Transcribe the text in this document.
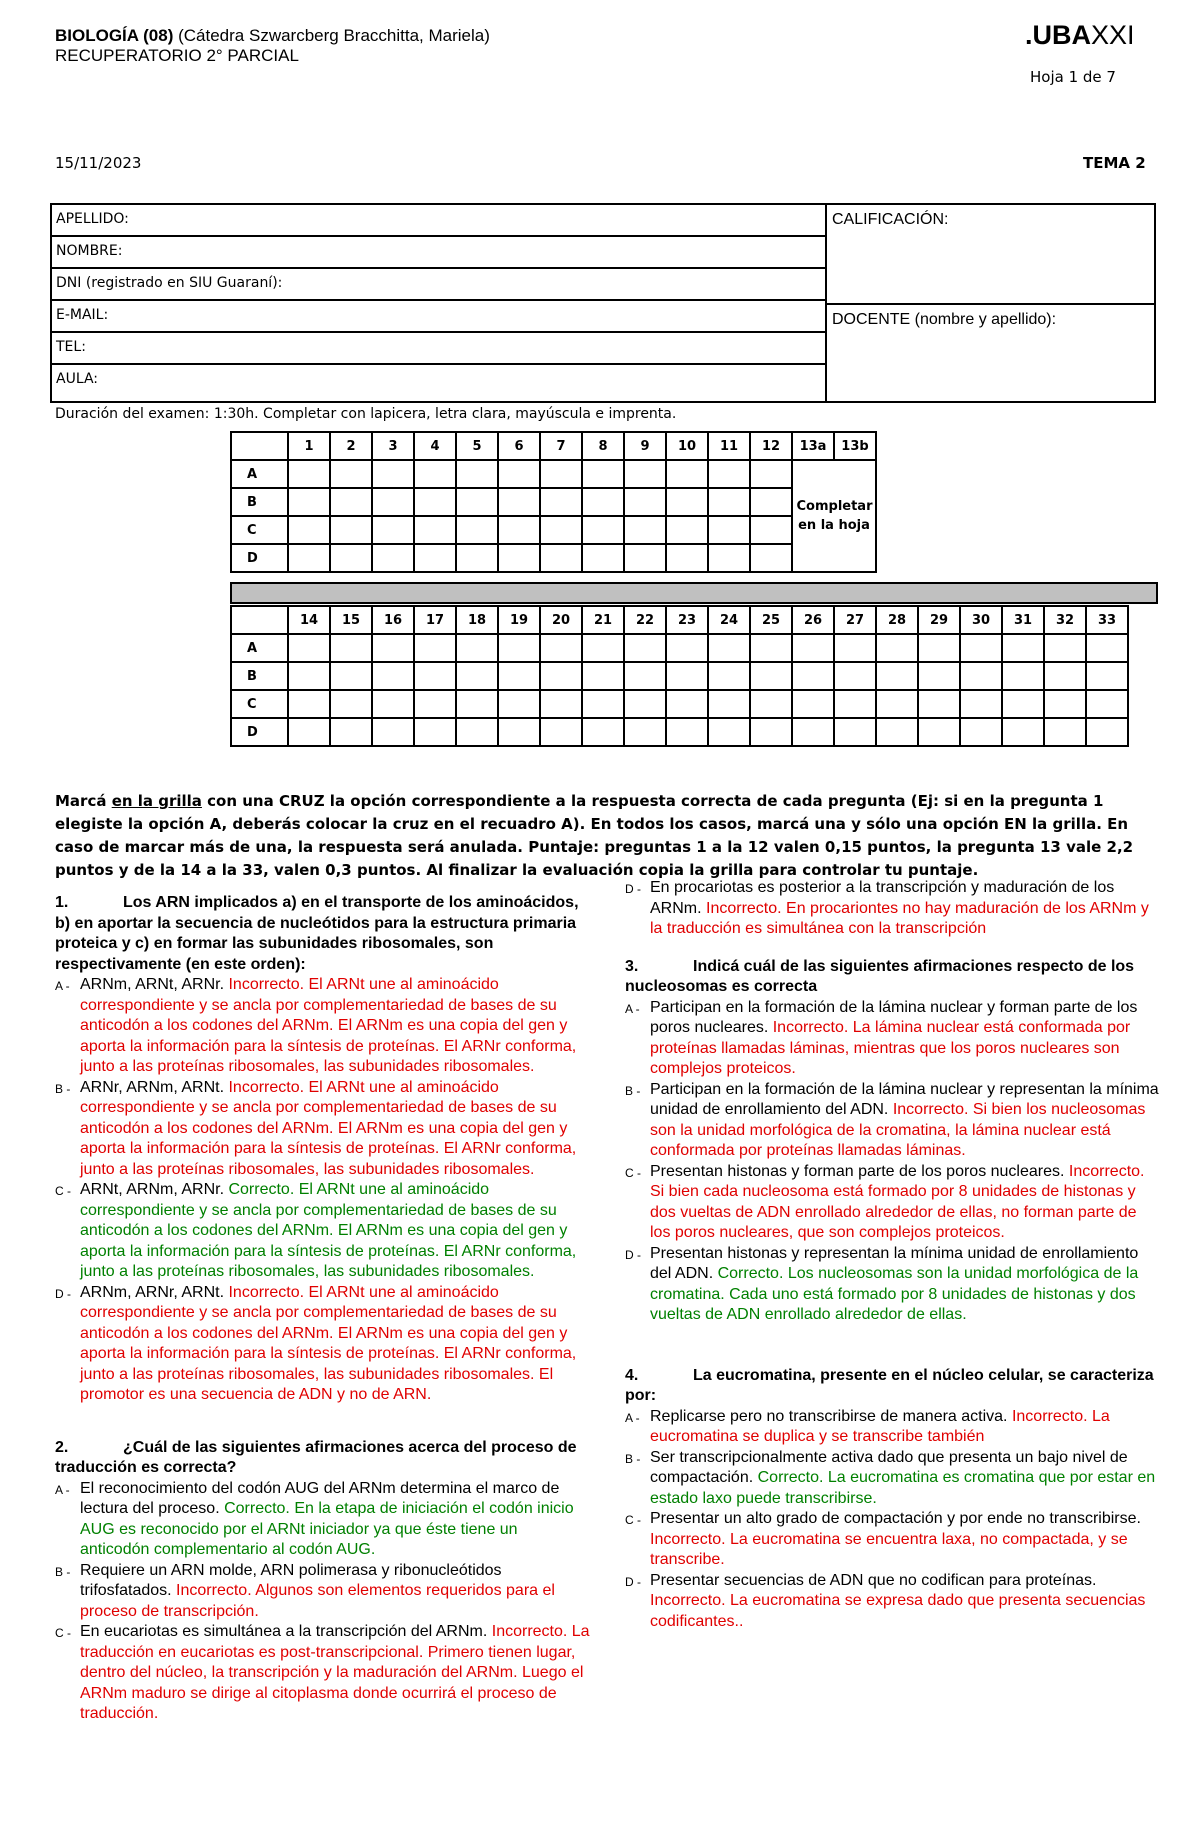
BIOLOGÍA (08) (Cátedra Szwarcberg Bracchitta, Mariela)
RECUPERATORIO 2° PARCIAL
.UBAXXI
Hoja 1 de 7
15/11/2023	TEMA 2
APELLIDO:
NOMBRE:
DNI (registrado en SIU Guaraní):
E-MAIL:
TEL:
AULA:
CALIFICACIÓN:
DOCENTE (nombre y apellido):
Duración del examen: 1:30h. Completar con lapicera, letra clara, mayúscula e imprenta.
	1	2	3	4	5	6	7	8	9	10	11	12	13a	13b
A													Completar en la hoja	
B														
C														
D														
	14	15	16	17	18	19	20	21	22	23	24	25	26	27	28	29	30	31	32	33
A																				
B																				
C																				
D																				
Marcá en la grilla con una CRUZ la opción correspondiente a la respuesta correcta de cada pregunta (Ej: si en la pregunta 1 elegiste la opción A, deberás colocar la cruz en el recuadro A). En todos los casos, marcá una y sólo una opción EN la grilla. En caso de marcar más de una, la respuesta será anulada. Puntaje: preguntas 1 a la 12 valen 0,15 puntos, la pregunta 13 vale 2,2 puntos y de la 14 a la 33, valen 0,3 puntos. Al finalizar la evaluación copia la grilla para controlar tu puntaje.

1.	Los ARN implicados a) en el transporte de los aminoácidos, b) en aportar la secuencia de nucleótidos para la estructura primaria proteica y c) en formar las subunidades ribosomales, son respectivamente (en este orden):

A - ARNm, ARNt, ARNr. Incorrecto. El ARNt une al aminoácido correspondiente y se ancla por complementariedad de bases de su anticodón a los codones del ARNm. El ARNm es una copia del gen y aporta la información para la síntesis de proteínas. El ARNr conforma, junto a las proteínas ribosomales, las subunidades ribosomales.

B - ARNr, ARNm, ARNt. Incorrecto. El ARNt une al aminoácido correspondiente y se ancla por complementariedad de bases de su anticodón a los codones del ARNm. El ARNm es una copia del gen y aporta la información para la síntesis de proteínas. El ARNr conforma, junto a las proteínas ribosomales, las subunidades ribosomales.

C - ARNt, ARNm, ARNr. Correcto. El ARNt une al aminoácido correspondiente y se ancla por complementariedad de bases de su anticodón a los codones del ARNm. El ARNm es una copia del gen y aporta la información para la síntesis de proteínas. El ARNr conforma, junto a las proteínas ribosomales, las subunidades ribosomales.

D - ARNm, ARNr, ARNt. Incorrecto. El ARNt une al aminoácido correspondiente y se ancla por complementariedad de bases de su anticodón a los codones del ARNm. El ARNm es una copia del gen y aporta la información para la síntesis de proteínas. El ARNr conforma, junto a las proteínas ribosomales, las subunidades ribosomales. El promotor es una secuencia de ADN y no de ARN.

2.	¿Cuál de las siguientes afirmaciones acerca del proceso de traducción es correcta?

A - El reconocimiento del codón AUG del ARNm determina el marco de lectura del proceso. Correcto. En la etapa de iniciación el codón inicio AUG es reconocido por el ARNt iniciador ya que éste tiene un anticodón complementario al codón AUG.

B - Requiere un ARN molde, ARN polimerasa y ribonucleótidos trifosfatados. Incorrecto. Algunos son elementos requeridos para el proceso de transcripción.

C - En eucariotas es simultánea a la transcripción del ARNm. Incorrecto. La traducción en eucariotas es post-transcripcional. Primero tienen lugar, dentro del núcleo, la transcripción y la maduración del ARNm. Luego el ARNm maduro se dirige al citoplasma donde ocurrirá el proceso de traducción.

D - En procariotas es posterior a la transcripción y maduración de los ARNm. Incorrecto. En procariontes no hay maduración de los ARNm y la traducción es simultánea con la transcripción

3.	Indicá cuál de las siguientes afirmaciones respecto de los nucleosomas es correcta

A - Participan en la formación de la lámina nuclear y forman parte de los poros nucleares. Incorrecto. La lámina nuclear está conformada por proteínas llamadas láminas, mientras que los poros nucleares son complejos proteicos.

B - Participan en la formación de la lámina nuclear y representan la mínima unidad de enrollamiento del ADN. Incorrecto. Si bien los nucleosomas son la unidad morfológica de la cromatina, la lámina nuclear está conformada por proteínas llamadas láminas.

C - Presentan histonas y forman parte de los poros nucleares. Incorrecto. Si bien cada nucleosoma está formado por 8 unidades de histonas y dos vueltas de ADN enrollado alrededor de ellas, no forman parte de los poros nucleares, que son complejos proteicos.

D - Presentan histonas y representan la mínima unidad de enrollamiento del ADN. Correcto. Los nucleosomas son la unidad morfológica de la cromatina. Cada uno está formado por 8 unidades de histonas y dos vueltas de ADN enrollado alrededor de ellas.

4.	La eucromatina, presente en el núcleo celular, se caracteriza por:

A - Replicarse pero no transcribirse de manera activa. Incorrecto. La eucromatina se duplica y se transcribe también

B - Ser transcripcionalmente activa dado que presenta un bajo nivel de compactación. Correcto. La eucromatina es cromatina que por estar en estado laxo puede transcribirse.

C - Presentar un alto grado de compactación y por ende no transcribirse. Incorrecto. La eucromatina se encuentra laxa, no compactada, y se transcribe.

D - Presentar secuencias de ADN que no codifican para proteínas. Incorrecto. La eucromatina se expresa dado que presenta secuencias codificantes..
